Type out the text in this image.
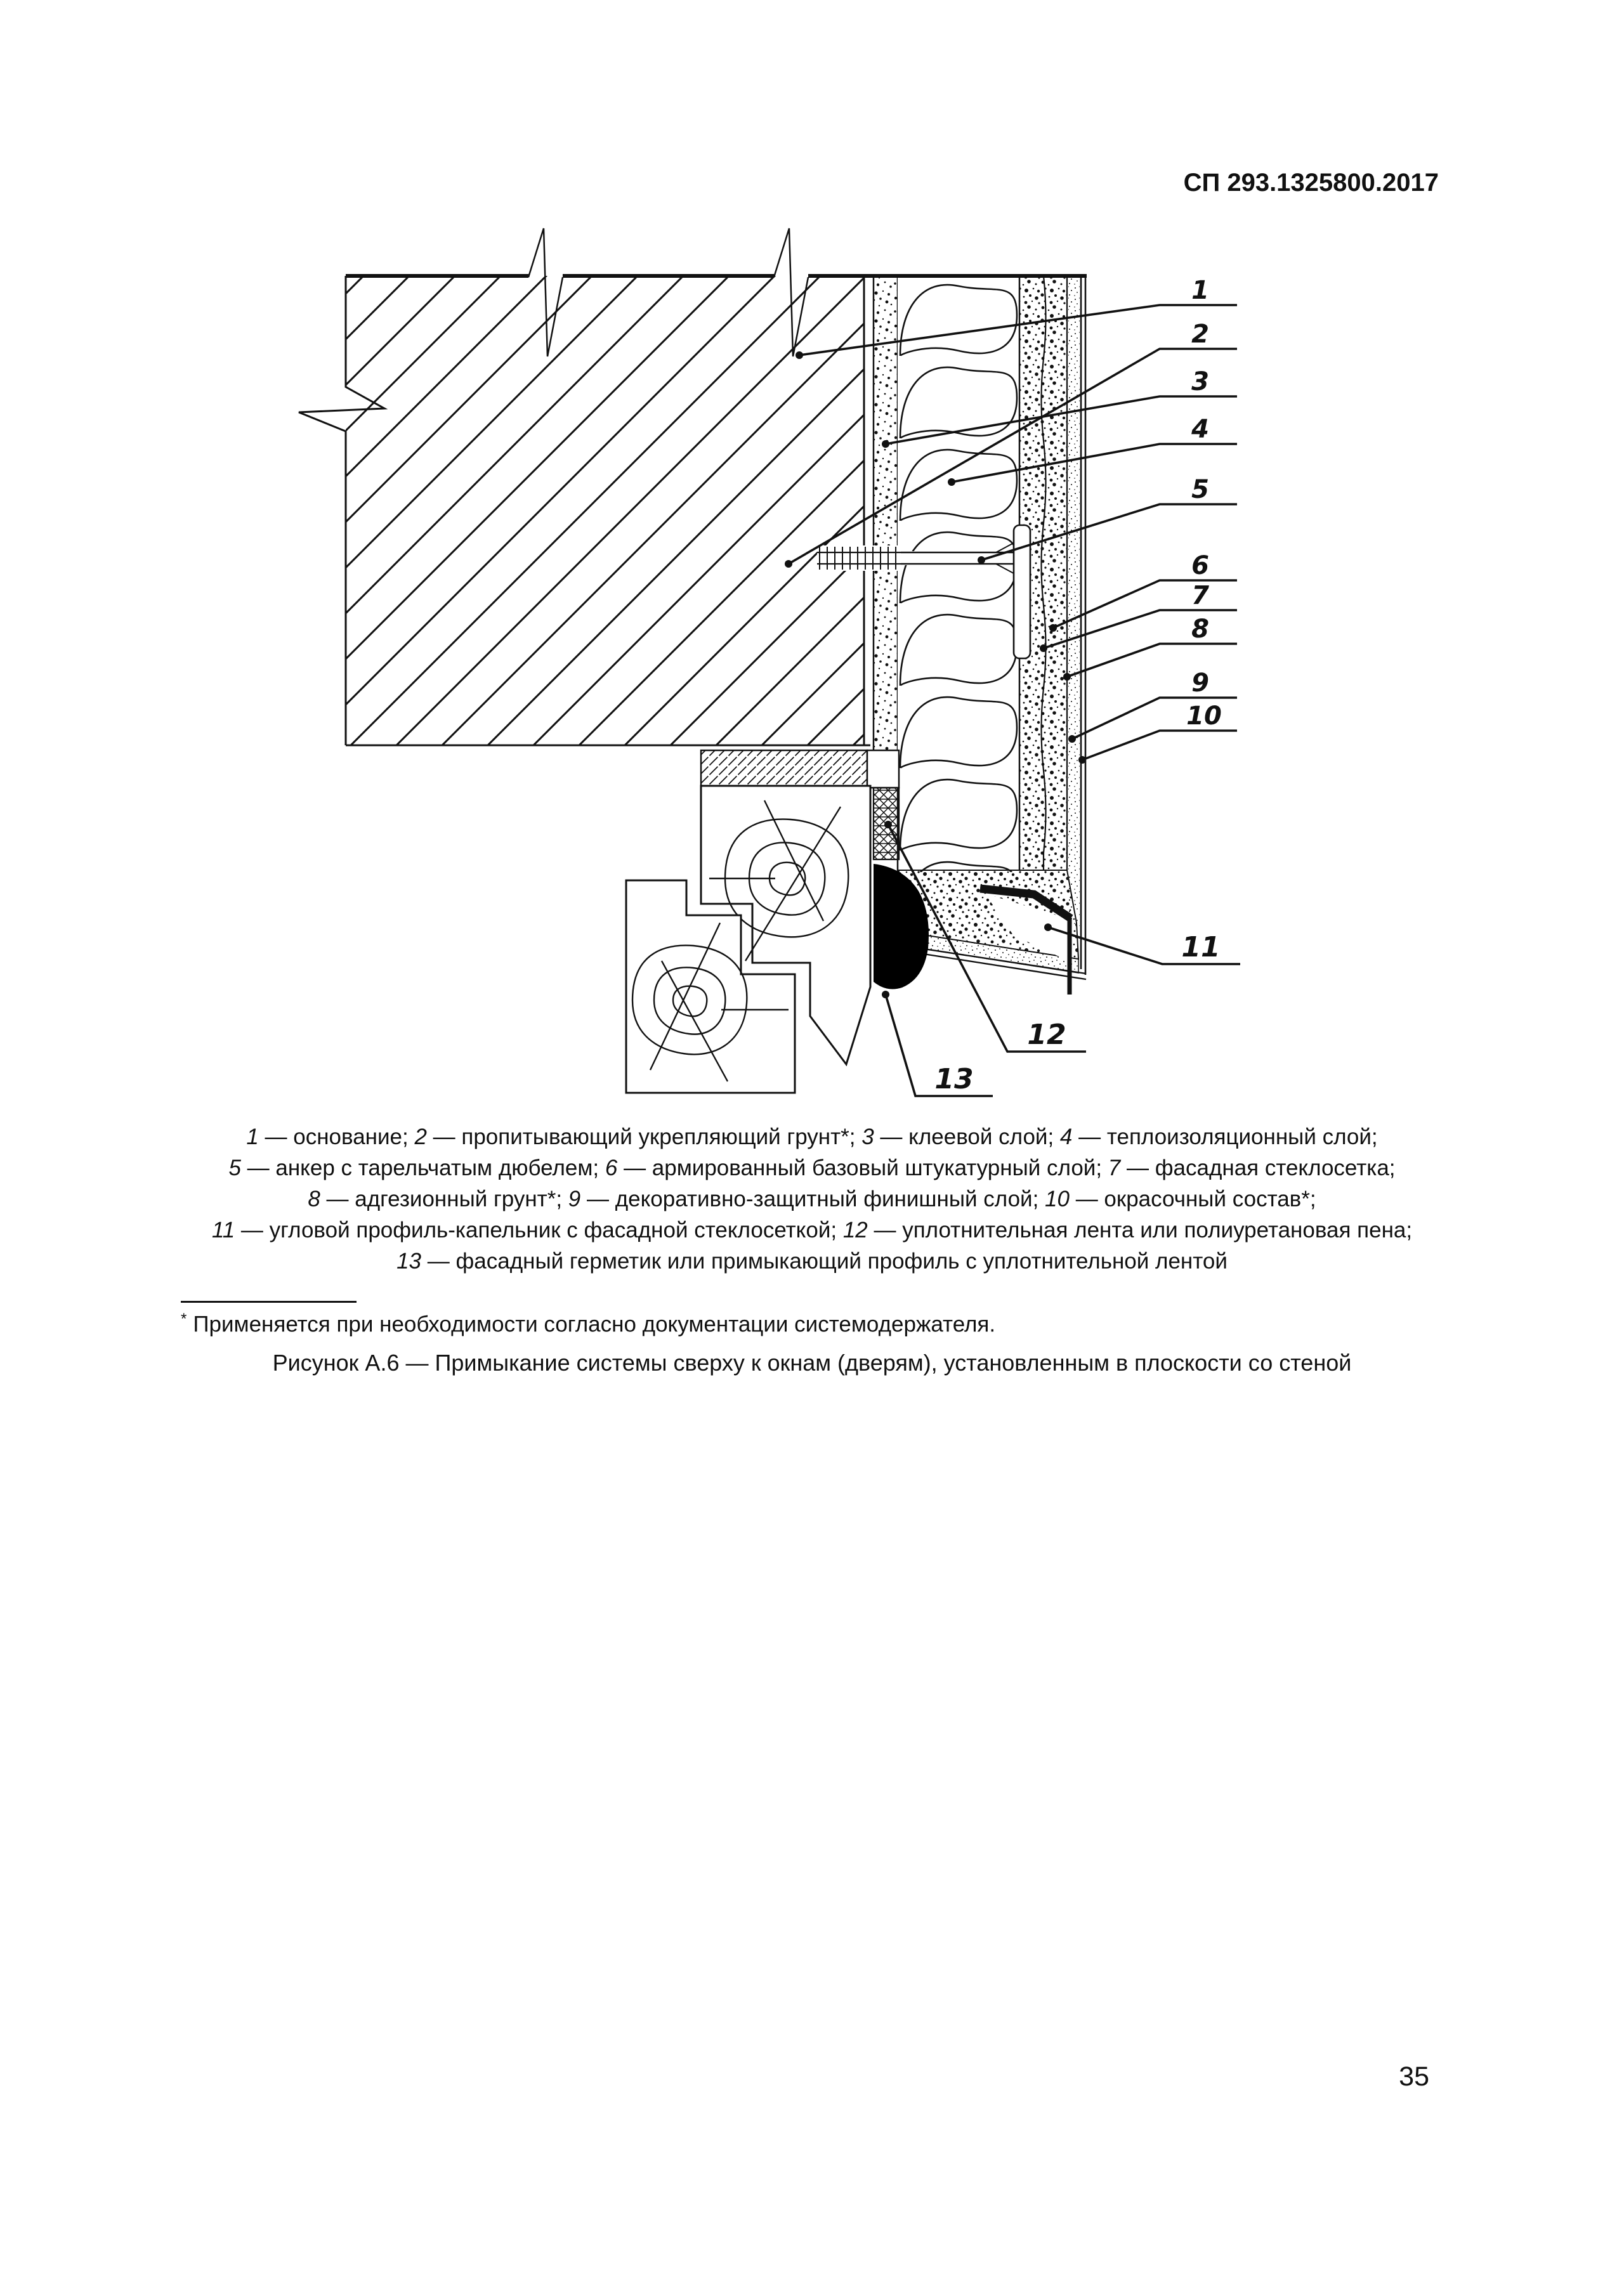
СП 293.1325800.2017
1
2
3
4
5
6
7
8
9
10
11
12
13
1 — основание; 2 — пропитывающий укрепляющий грунт*; 3 — клеевой слой; 4 — теплоизоляционный слой;
5 — анкер с тарельчатым дюбелем; 6 — армированный базовый штукатурный слой; 7 — фасадная стеклосетка;
8 — адгезионный грунт*; 9 — декоративно-защитный финишный слой; 10 — окрасочный состав*;
11 — угловой профиль-капельник с фасадной стеклосеткой; 12 — уплотнительная лента или полиуретановая пена;
13 — фасадный герметик или примыкающий профиль с уплотнительной лентой
* Применяется при необходимости согласно документации системодержателя.
Рисунок А.6 — Примыкание системы сверху к окнам (дверям), установленным в плоскости со стеной
35
